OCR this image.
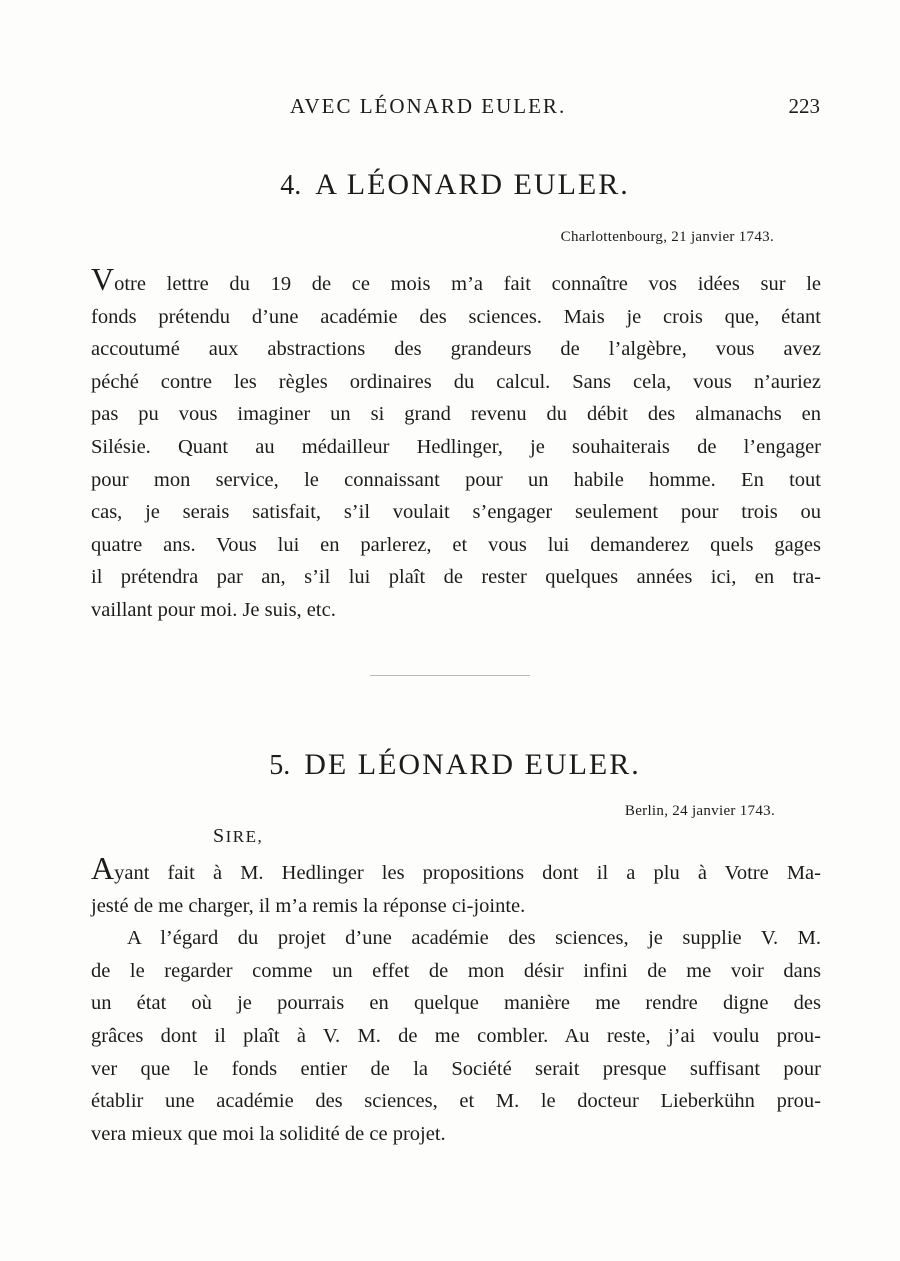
AVEC LÉONARD EULER.	223
4. A LÉONARD EULER.
Charlottenbourg, 21 janvier 1743.
Votre lettre du 19 de ce mois m’a fait connaître vos idées sur le
fonds prétendu d’une académie des sciences. Mais je crois que, étant
accoutumé aux abstractions des grandeurs de l’algèbre, vous avez
péché contre les règles ordinaires du calcul. Sans cela, vous n’auriez
pas pu vous imaginer un si grand revenu du débit des almanachs en
Silésie. Quant au médailleur Hedlinger, je souhaiterais de l’engager
pour mon service, le connaissant pour un habile homme. En tout
cas, je serais satisfait, s’il voulait s’engager seulement pour trois ou
quatre ans. Vous lui en parlerez, et vous lui demanderez quels gages
il prétendra par an, s’il lui plaît de rester quelques années ici, en tra-
vaillant pour moi. Je suis, etc.
5. DE LÉONARD EULER.
Berlin, 24 janvier 1743.
SIRE,
Ayant fait à M. Hedlinger les propositions dont il a plu à Votre Ma-
jesté de me charger, il m’a remis la réponse ci-jointe.
A l’égard du projet d’une académie des sciences, je supplie V. M.
de le regarder comme un effet de mon désir infini de me voir dans
un état où je pourrais en quelque manière me rendre digne des
grâces dont il plaît à V. M. de me combler. Au reste, j’ai voulu prou-
ver que le fonds entier de la Société serait presque suffisant pour
établir une académie des sciences, et M. le docteur Lieberkühn prou-
vera mieux que moi la solidité de ce projet.
